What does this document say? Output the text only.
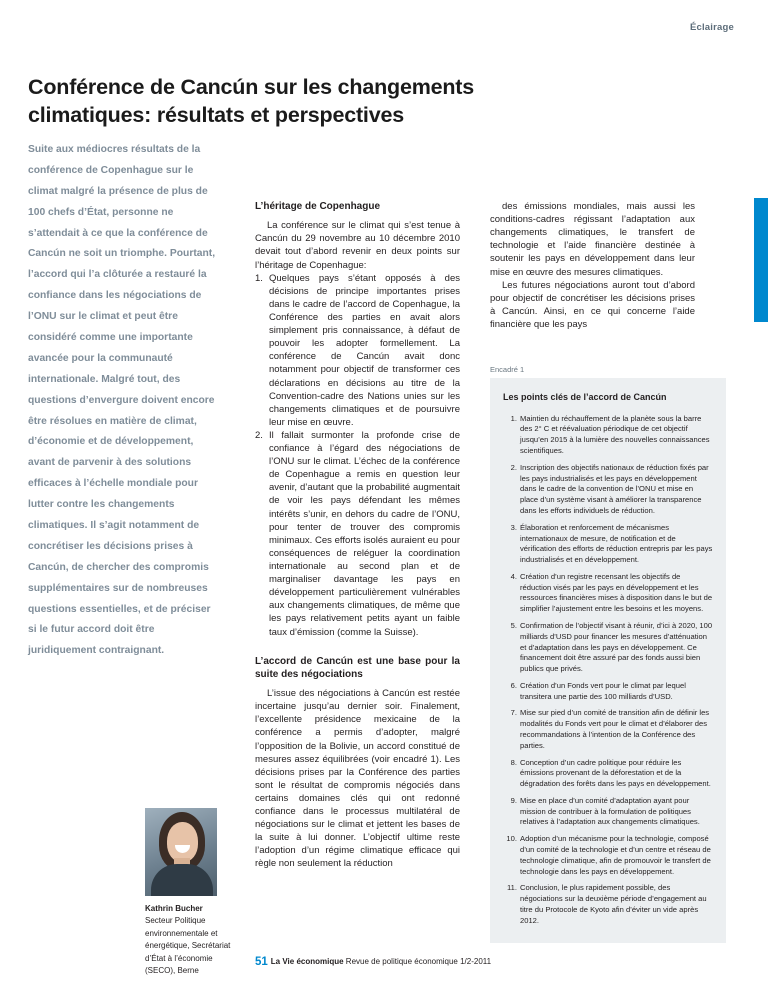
Éclairage
Conférence de Cancún sur les changements climatiques: résultats et perspectives
Suite aux médiocres résultats de la conférence de Copenhague sur le climat malgré la présence de plus de 100 chefs d’État, personne ne s’attendait à ce que la conférence de Cancún ne soit un triomphe. Pourtant, l’accord qui l’a clôturée a restauré la confiance dans les négociations de l’ONU sur le climat et peut être considéré comme une importante avancée pour la communauté internationale. Malgré tout, des questions d’envergure doivent encore être résolues en matière de climat, d’économie et de développement, avant de parvenir à des solutions efficaces à l’échelle mondiale pour lutter contre les changements climatiques. Il s’agit notamment de concrétiser les décisions prises à Cancún, de chercher des compromis supplémentaires sur de nombreuses questions essentielles, et de préciser si le futur accord doit être juridiquement contraignant.
Kathrin Bucher
Secteur Politique environnementale et énergétique, Secrétariat d’État à l’économie (SECO), Berne
L’héritage de Copenhague

La conférence sur le climat qui s’est tenue à Cancún du 29 novembre au 10 décembre 2010 devait tout d’abord revenir en deux points sur l’héritage de Copenhague:

Quelques pays s’étant opposés à des décisions de principe importantes prises dans le cadre de l’accord de Copenhague, la Conférence des parties en avait alors simplement pris connaissance, à défaut de pouvoir les adopter formellement. La conférence de Cancún avait donc notamment pour objectif de transformer ces déclarations en décisions au titre de la Convention-cadre des Nations unies sur les changements climatiques et de poursuivre leur mise en œuvre.
Il fallait surmonter la profonde crise de confiance à l’égard des négociations de l’ONU sur le climat. L’échec de la conférence de Copenhague a remis en question leur avenir, d’autant que la probabilité augmentait de voir les pays défendant les mêmes intérêts s’unir, en dehors du cadre de l’ONU, pour tenter de trouver des compromis minimaux. Ces efforts isolés auraient eu pour conséquences de reléguer la coordination internationale au second plan et de marginaliser davantage les pays en développement particulièrement vulnérables aux changements climatiques, de même que les pays relativement petits ayant un faible taux d’émission (comme la Suisse).
L’accord de Cancún est une base pour la suite des négociations

L’issue des négociations à Cancún est restée incertaine jusqu’au dernier soir. Finalement, l’excellente présidence mexicaine de la conférence a permis d’adopter, malgré l’opposition de la Bolivie, un accord constitué de mesures assez équilibrées (voir encadré 1). Les décisions prises par la Conférence des parties sont le résultat de compromis négociés dans certains domaines clés qui ont redonné confiance dans le processus multilatéral de négociations sur le climat et jettent les bases de la suite à lui donner. L’objectif ultime reste l’adoption d’un régime climatique efficace qui règle non seulement la réduction

des émissions mondiales, mais aussi les conditions-cadres régissant l’adaptation aux changements climatiques, le transfert de technologie et l’aide financière destinée à soutenir les pays en développement dans leur mise en œuvre des mesures climatiques.

Les futures négociations auront tout d’abord pour objectif de concrétiser les décisions prises à Cancún. Ainsi, en ce qui concerne l’aide financière que les pays

Encadré 1
Les points clés de l’accord de Cancún
Maintien du réchauffement de la planète sous la barre des 2° C et réévaluation périodique de cet objectif jusqu’en 2015 à la lumière des nouvelles connaissances scientifiques.
Inscription des objectifs nationaux de réduction fixés par les pays industrialisés et les pays en développement dans le cadre de la convention de l’ONU et mise en place d’un système visant à améliorer la transparence dans les efforts individuels de réduction.
Élaboration et renforcement de mécanismes internationaux de mesure, de notification et de vérification des efforts de réduction entrepris par les pays industrialisés et en développement.
Création d’un registre recensant les objectifs de réduction visés par les pays en développement et les ressources financières mises à disposition dans le but de simplifier l’ajustement entre les besoins et les moyens.
Confirmation de l’objectif visant à réunir, d’ici à 2020, 100 milliards d’USD pour financer les mesures d’atténuation et d’adaptation dans les pays en développement. Ce financement doit être assuré par des fonds aussi bien publics que privés.
Création d’un Fonds vert pour le climat par lequel transitera une partie des 100 milliards d’USD.
Mise sur pied d’un comité de transition afin de définir les modalités du Fonds vert pour le climat et d’élaborer des recommandations à l’intention de la Conférence des parties.
Conception d’un cadre politique pour réduire les émissions provenant de la déforestation et de la dégradation des forêts dans les pays en développement.
Mise en place d’un comité d’adaptation ayant pour mission de contribuer à la formulation de politiques relatives à l’adaptation aux changements climatiques.
Adoption d’un mécanisme pour la technologie, composé d’un comité de la technologie et d’un centre et réseau de technologie climatique, afin de promouvoir le transfert de technologie dans les pays en développement.
Conclusion, le plus rapidement possible, des négociations sur la deuxième période d’engagement au titre du Protocole de Kyoto afin d’éviter un vide après 2012.
51 La Vie économique Revue de politique économique 1/2-2011
